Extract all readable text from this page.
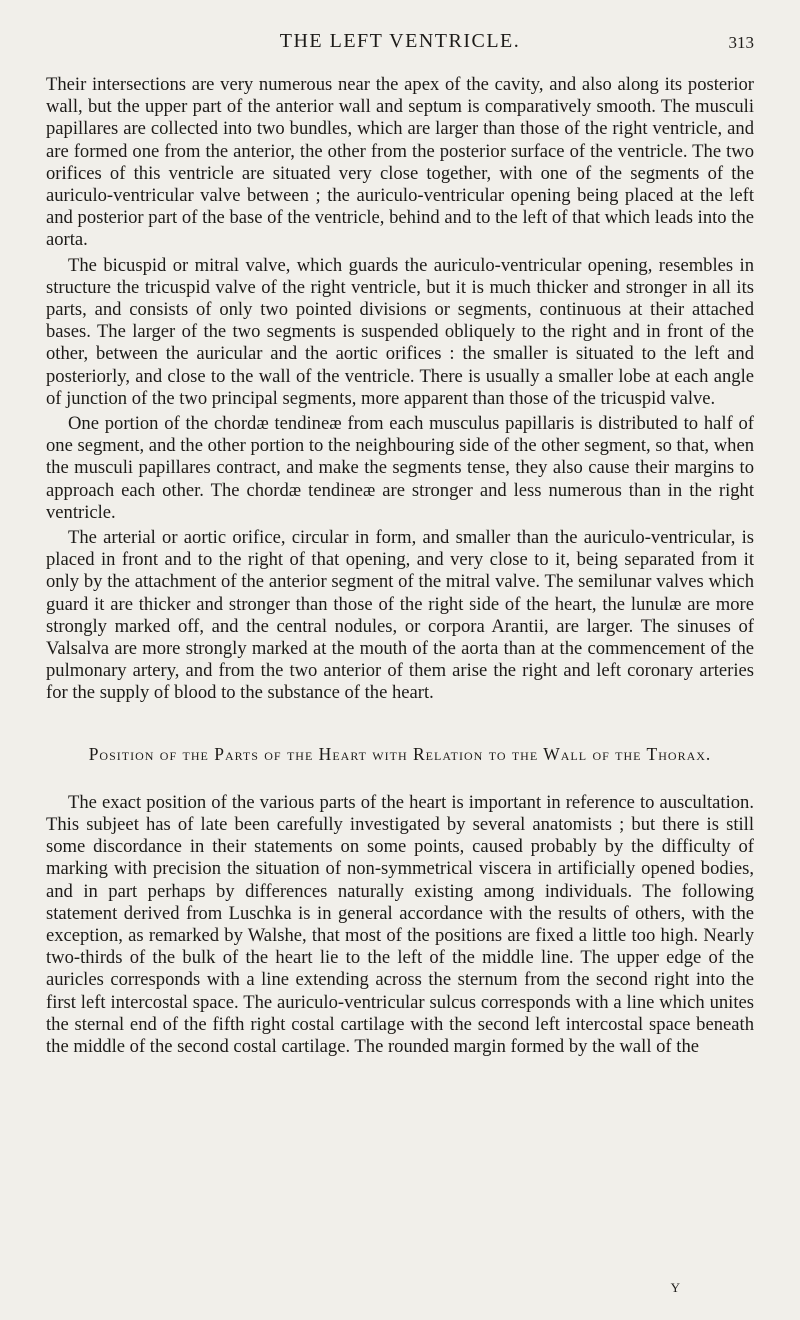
THE LEFT VENTRICLE.	313

Their intersections are very numerous near the apex of the cavity, and also along its posterior wall, but the upper part of the anterior wall and septum is comparatively smooth. The musculi papillares are collected into two bundles, which are larger than those of the right ventricle, and are formed one from the anterior, the other from the posterior surface of the ventricle. The two orifices of this ventricle are situated very close together, with one of the segments of the auriculo-ventricular valve between ; the auriculo-ventricular opening being placed at the left and posterior part of the base of the ventricle, behind and to the left of that which leads into the aorta.

The bicuspid or mitral valve, which guards the auriculo-ventricular opening, resembles in structure the tricuspid valve of the right ventricle, but it is much thicker and stronger in all its parts, and consists of only two pointed divisions or segments, continuous at their attached bases. The larger of the two segments is suspended obliquely to the right and in front of the other, between the auricular and the aortic orifices : the smaller is situated to the left and posteriorly, and close to the wall of the ventricle. There is usually a smaller lobe at each angle of junction of the two principal segments, more apparent than those of the tricuspid valve.

One portion of the chordæ tendineæ from each musculus papillaris is distributed to half of one segment, and the other portion to the neighbouring side of the other segment, so that, when the musculi papillares contract, and make the segments tense, they also cause their margins to approach each other. The chordæ tendineæ are stronger and less numerous than in the right ventricle.

The arterial or aortic orifice, circular in form, and smaller than the auriculo-ventricular, is placed in front and to the right of that opening, and very close to it, being separated from it only by the attachment of the anterior segment of the mitral valve. The semilunar valves which guard it are thicker and stronger than those of the right side of the heart, the lunulæ are more strongly marked off, and the central nodules, or corpora Arantii, are larger. The sinuses of Valsalva are more strongly marked at the mouth of the aorta than at the commencement of the pulmonary artery, and from the two anterior of them arise the right and left coronary arteries for the supply of blood to the substance of the heart.

Position of the Parts of the Heart with Relation to the Wall of the Thorax.

The exact position of the various parts of the heart is important in reference to auscultation. This subjeet has of late been carefully investigated by several anatomists ; but there is still some discordance in their statements on some points, caused probably by the difficulty of marking with precision the situation of non-symmetrical viscera in artificially opened bodies, and in part perhaps by differences naturally existing among individuals. The following statement derived from Luschka is in general accordance with the results of others, with the exception, as remarked by Walshe, that most of the positions are fixed a little too high. Nearly two-thirds of the bulk of the heart lie to the left of the middle line. The upper edge of the auricles corresponds with a line extending across the sternum from the second right into the first left intercostal space. The auriculo-ventricular sulcus corresponds with a line which unites the sternal end of the fifth right costal cartilage with the second left intercostal space beneath the middle of the second costal cartilage. The rounded margin formed by the wall of the

Y
